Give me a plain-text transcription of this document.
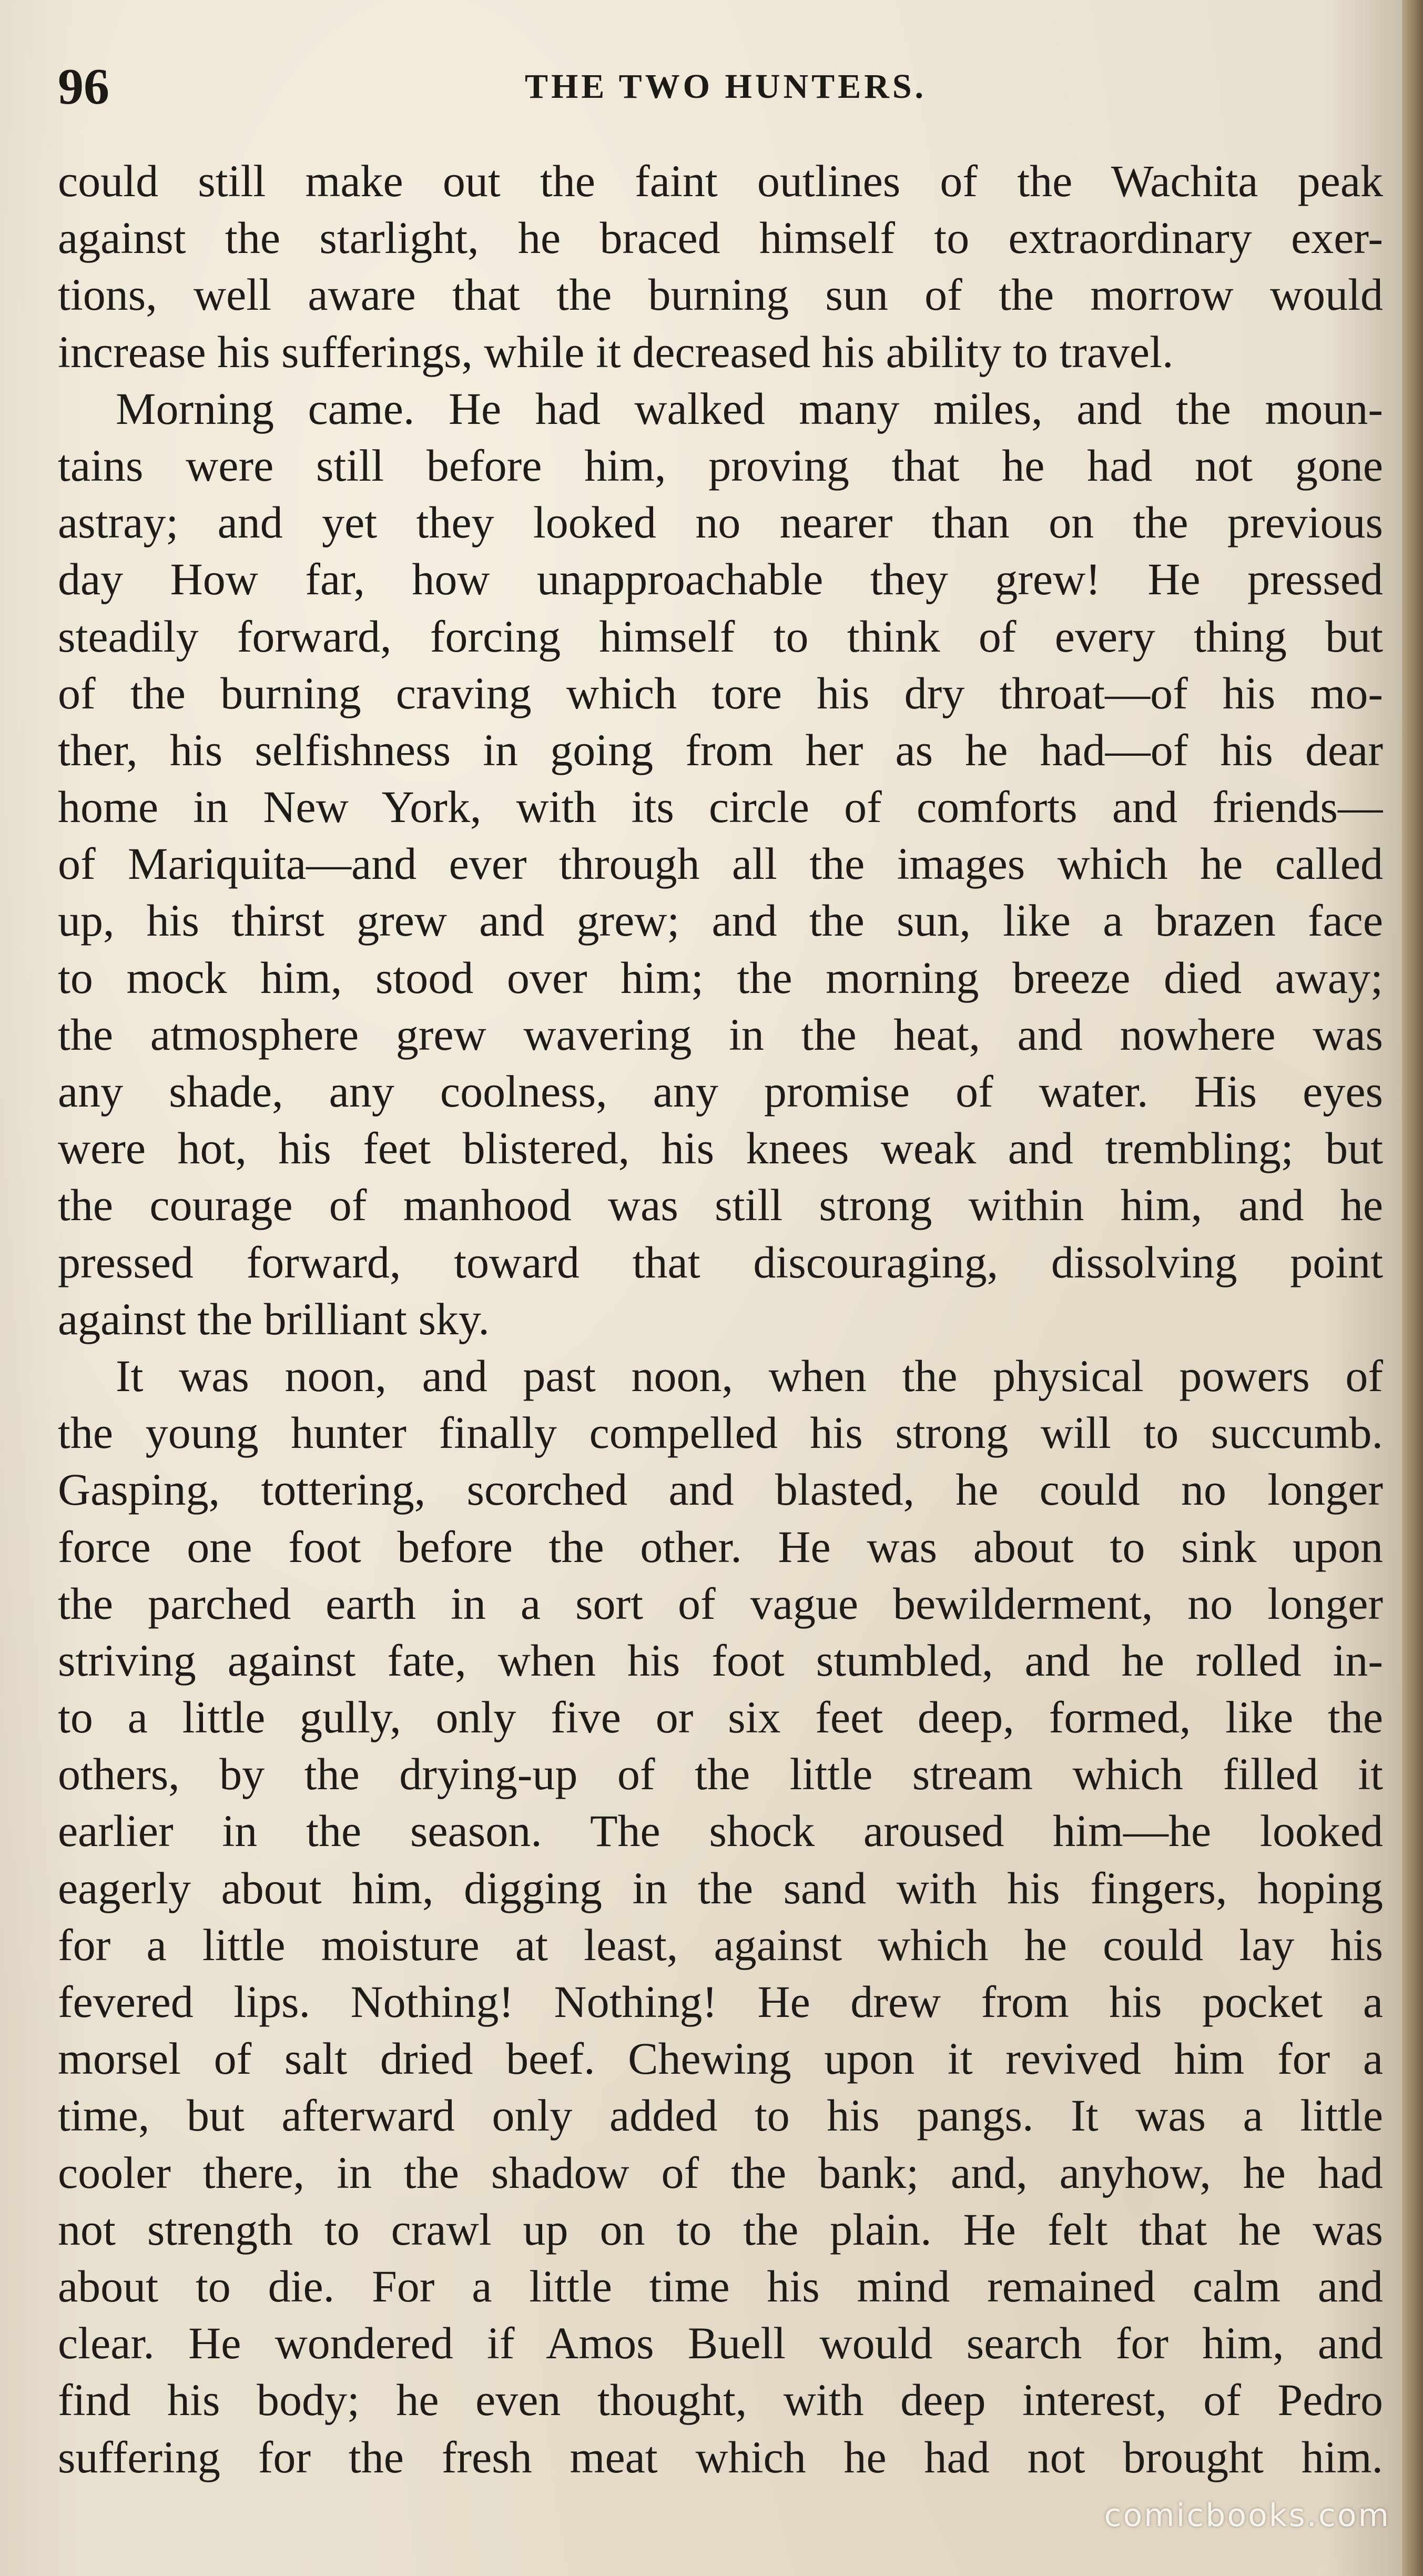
96	THE TWO HUNTERS.
could still make out the faint outlines of the Wachita peak
against the starlight, he braced himself to extraordinary exer-
tions, well aware that the burning sun of the morrow would
increase his sufferings, while it decreased his ability to travel.
Morning came. He had walked many miles, and the moun-
tains were still before him, proving that he had not gone
astray; and yet they looked no nearer than on the previous
day How far, how unapproachable they grew! He pressed
steadily forward, forcing himself to think of every thing but
of the burning craving which tore his dry throat—of his mo-
ther, his selfishness in going from her as he had—of his dear
home in New York, with its circle of comforts and friends—
of Mariquita—and ever through all the images which he called
up, his thirst grew and grew; and the sun, like a brazen face
to mock him, stood over him; the morning breeze died away;
the atmosphere grew wavering in the heat, and nowhere was
any shade, any coolness, any promise of water. His eyes
were hot, his feet blistered, his knees weak and trembling; but
the courage of manhood was still strong within him, and he
pressed forward, toward that discouraging, dissolving point
against the brilliant sky.
It was noon, and past noon, when the physical powers of
the young hunter finally compelled his strong will to succumb.
Gasping, tottering, scorched and blasted, he could no longer
force one foot before the other. He was about to sink upon
the parched earth in a sort of vague bewilderment, no longer
striving against fate, when his foot stumbled, and he rolled in-
to a little gully, only five or six feet deep, formed, like the
others, by the drying-up of the little stream which filled it
earlier in the season. The shock aroused him—he looked
eagerly about him, digging in the sand with his fingers, hoping
for a little moisture at least, against which he could lay his
fevered lips. Nothing! Nothing! He drew from his pocket a
morsel of salt dried beef. Chewing upon it revived him for a
time, but afterward only added to his pangs. It was a little
cooler there, in the shadow of the bank; and, anyhow, he had
not strength to crawl up on to the plain. He felt that he was
about to die. For a little time his mind remained calm and
clear. He wondered if Amos Buell would search for him, and
find his body; he even thought, with deep interest, of Pedro
suffering for the fresh meat which he had not brought him.
comicbooks.com
